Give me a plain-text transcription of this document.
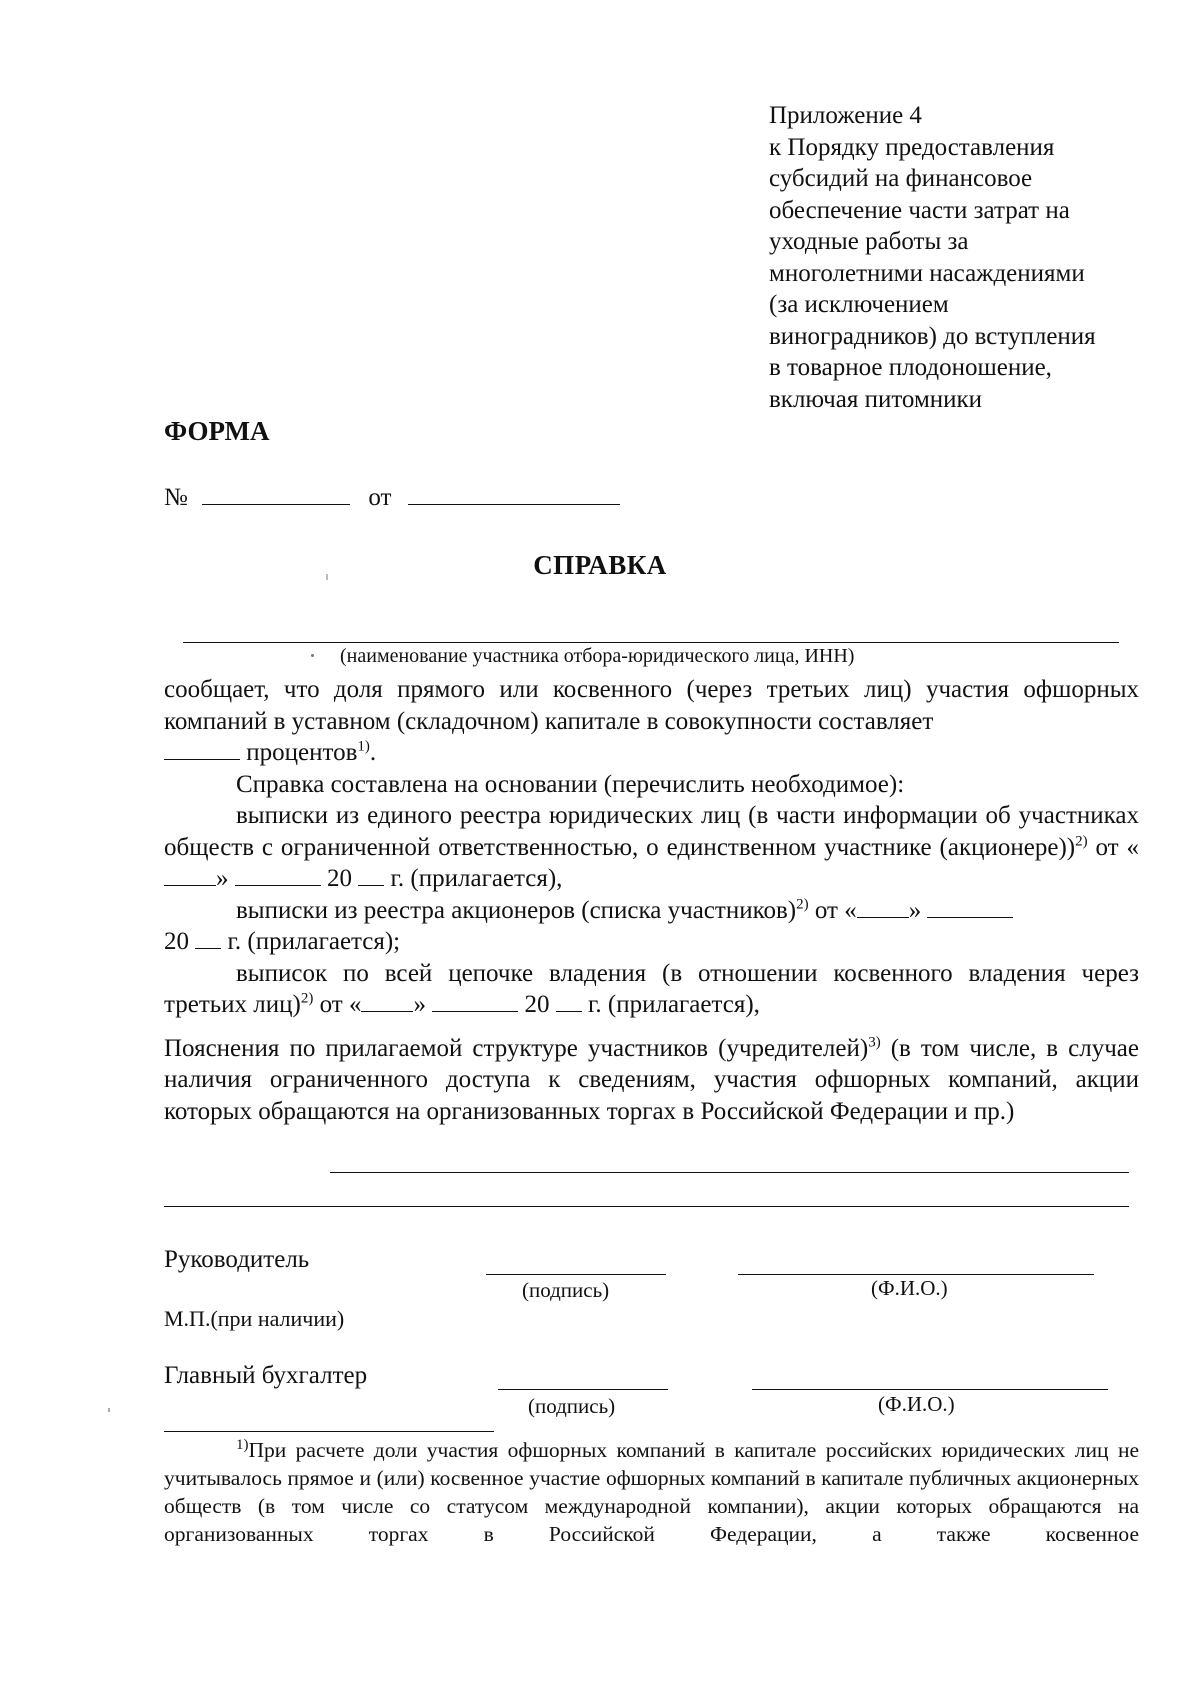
Приложение 4
к Порядку предоставления
субсидий на финансовое
обеспечение части затрат на
уходные работы за
многолетними насаждениями
(за исключением
виноградников) до вступления
в товарное плодоношение,
включая питомники
ФОРМА
№	от
СПРАВКА
(наименование участника отбора-юридического лица, ИНН)

сообщает, что доля прямого или косвенного (через третьих лиц) участия офшорных компаний в уставном (складочном) капитале в совокупности составляет
процентов$^{1)}$.

Справка составлена на основании (перечислить необходимое):

выписки из единого реестра юридических лиц (в части информации об участниках обществ с ограниченной ответственностью, о единственном участнике (акционере))$^{2)}$ от «»	20 г. (прилагается),

выписки из реестра акционеров (списка участников)$^{2)}$ от « »
20 г. (прилагается);

выписок по всей цепочке владения (в отношении косвенного владения через третьих лиц)$^{2)}$ от « »	20 г. (прилагается),

Пояснения по прилагаемой структуре участников (учредителей)$^{3)}$ (в том числе, в случае наличия ограниченного доступа к сведениям, участия офшорных компаний, акции которых обращаются на организованных торгах в Российской Федерации и пр.)

Руководитель
(подпись)	(Ф.И.О.)
М.П.(при наличии)
Главный бухгалтер
(подпись)	(Ф.И.О.)

$^{1)}$При расчете доли участия офшорных компаний в капитале российских юридических лиц не учитывалось прямое и (или) косвенное участие офшорных компаний в капитале публичных акционерных обществ (в том числе со статусом международной компании), акции которых обращаются на организованных торгах в Российской Федерации, а также косвенное
